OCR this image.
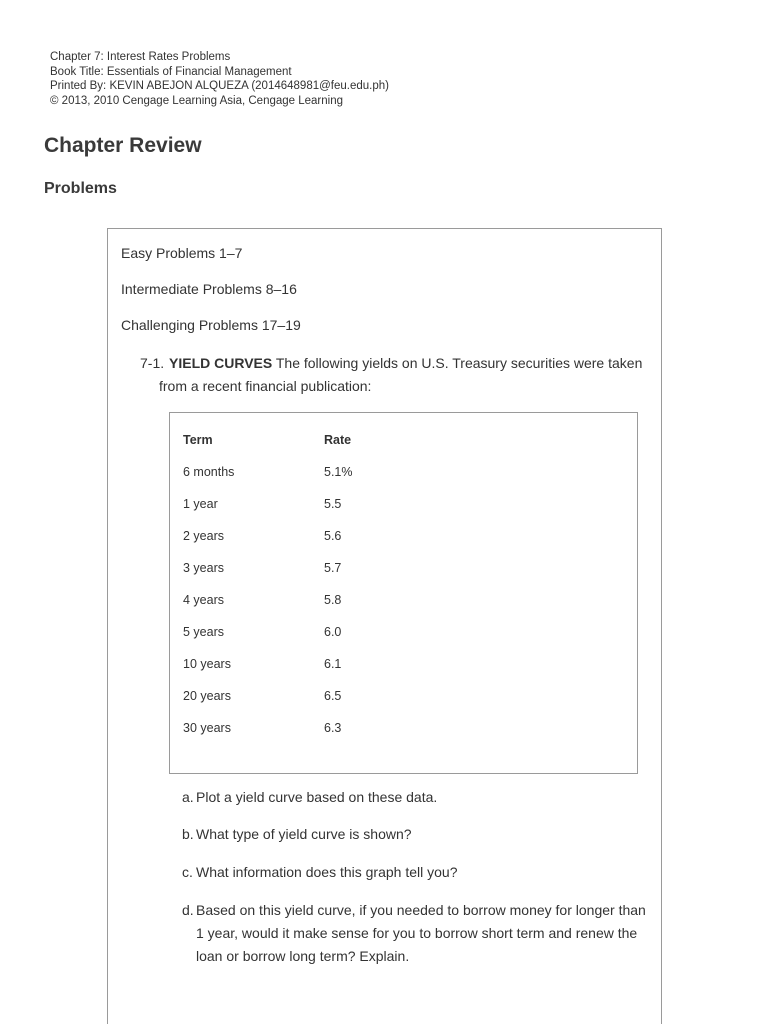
Chapter 7: Interest Rates Problems
Book Title: Essentials of Financial Management
Printed By: KEVIN ABEJON ALQUEZA (2014648981@feu.edu.ph)
© 2013, 2010 Cengage Learning Asia, Cengage Learning
Chapter Review
Problems
Easy Problems 1–7
Intermediate Problems 8–16
Challenging Problems 17–19
7-1. YIELD CURVES The following yields on U.S. Treasury securities were taken
from a recent financial publication:
Term	Rate
6 months	5.1%
1 year	5.5
2 years	5.6
3 years	5.7
4 years	5.8
5 years	6.0
10 years	6.1
20 years	6.5
30 years	6.3
a. Plot a yield curve based on these data.
b. What type of yield curve is shown?
c. What information does this graph tell you?
d. Based on this yield curve, if you needed to borrow money for longer than
1 year, would it make sense for you to borrow short term and renew the
loan or borrow long term? Explain.
